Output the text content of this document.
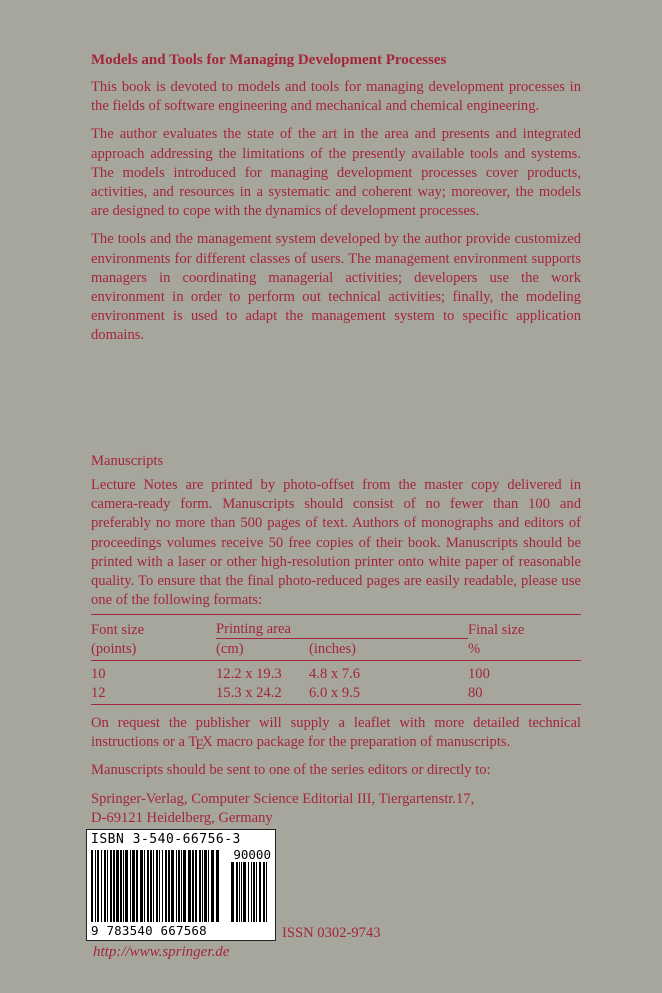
Models and Tools for Managing Development Processes

This book is devoted to models and tools for managing development processes in the fields of software engineering and mechanical and chemical engineering.

The author evaluates the state of the art in the area and presents and integrated approach addressing the limitations of the presently available tools and systems. The models introduced for managing development processes cover products, activities, and resources in a systematic and coherent way; moreover, the models are designed to cope with the dynamics of development processes.

The tools and the management system developed by the author provide customized environments for different classes of users. The management environment supports managers in coordinating managerial activities; developers use the work environment in order to perform out technical activities; finally, the modeling environment is used to adapt the management system to specific application domains.

Manuscripts

Lecture Notes are printed by photo-offset from the master copy delivered in camera-ready form. Manuscripts should consist of no fewer than 100 and preferably no more than 500 pages of text. Authors of monographs and editors of proceedings volumes receive 50 free copies of their book. Manuscripts should be printed with a laser or other high-resolution printer onto white paper of reasonable quality. To ensure that the final photo-reduced pages are easily readable, please use one of the following formats:

Font size	Printing area		Final size
(points)	(cm)	(inches)	%
10	12.2 x 19.3	4.8 x 7.6	100
12	15.3 x 24.2	6.0 x 9.5	80

On request the publisher will supply a leaflet with more detailed technical instructions or a TEX macro package for the preparation of manuscripts.

Manuscripts should be sent to one of the series editors or directly to:

Springer-Verlag, Computer Science Editorial III, Tiergartenstr.17,
D-69121 Heidelberg, Germany

ISBN 3-540-66756-3
90000
9 783540 667568	ISSN 0302-9743
http://www.springer.de
